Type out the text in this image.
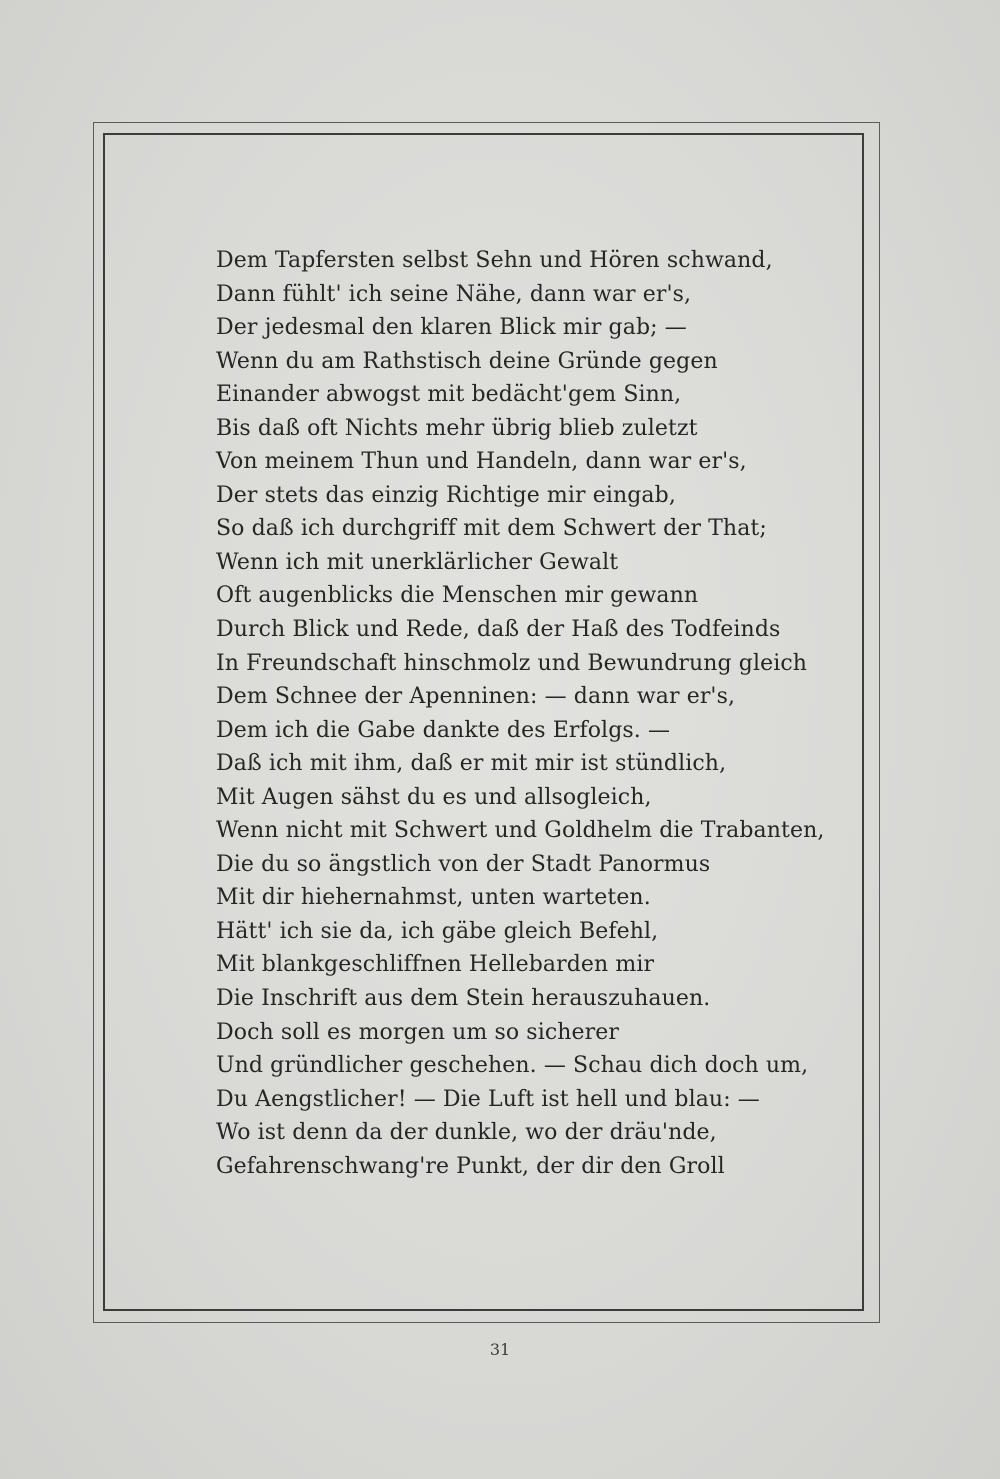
Dem Tapfersten selbst Sehn und Hören schwand,
Dann fühlt' ich seine Nähe, dann war er's,
Der jedesmal den klaren Blick mir gab; —
Wenn du am Rathstisch deine Gründe gegen
Einander abwogst mit bedächt'gem Sinn,
Bis daß oft Nichts mehr übrig blieb zuletzt
Von meinem Thun und Handeln, dann war er's,
Der stets das einzig Richtige mir eingab,
So daß ich durchgriff mit dem Schwert der That;
Wenn ich mit unerklärlicher Gewalt
Oft augenblicks die Menschen mir gewann
Durch Blick und Rede, daß der Haß des Todfeinds
In Freundschaft hinschmolz und Bewundrung gleich
Dem Schnee der Apenninen: — dann war er's,
Dem ich die Gabe dankte des Erfolgs. —
Daß ich mit ihm, daß er mit mir ist stündlich,
Mit Augen sähst du es und allsogleich,
Wenn nicht mit Schwert und Goldhelm die Trabanten,
Die du so ängstlich von der Stadt Panormus
Mit dir hiehernahmst, unten warteten.
Hätt' ich sie da, ich gäbe gleich Befehl,
Mit blankgeschliffnen Hellebarden mir
Die Inschrift aus dem Stein herauszuhauen.
Doch soll es morgen um so sicherer
Und gründlicher geschehen. — Schau dich doch um,
Du Aengstlicher! — Die Luft ist hell und blau: —
Wo ist denn da der dunkle, wo der dräu'nde,
Gefahrenschwang're Punkt, der dir den Groll
31
